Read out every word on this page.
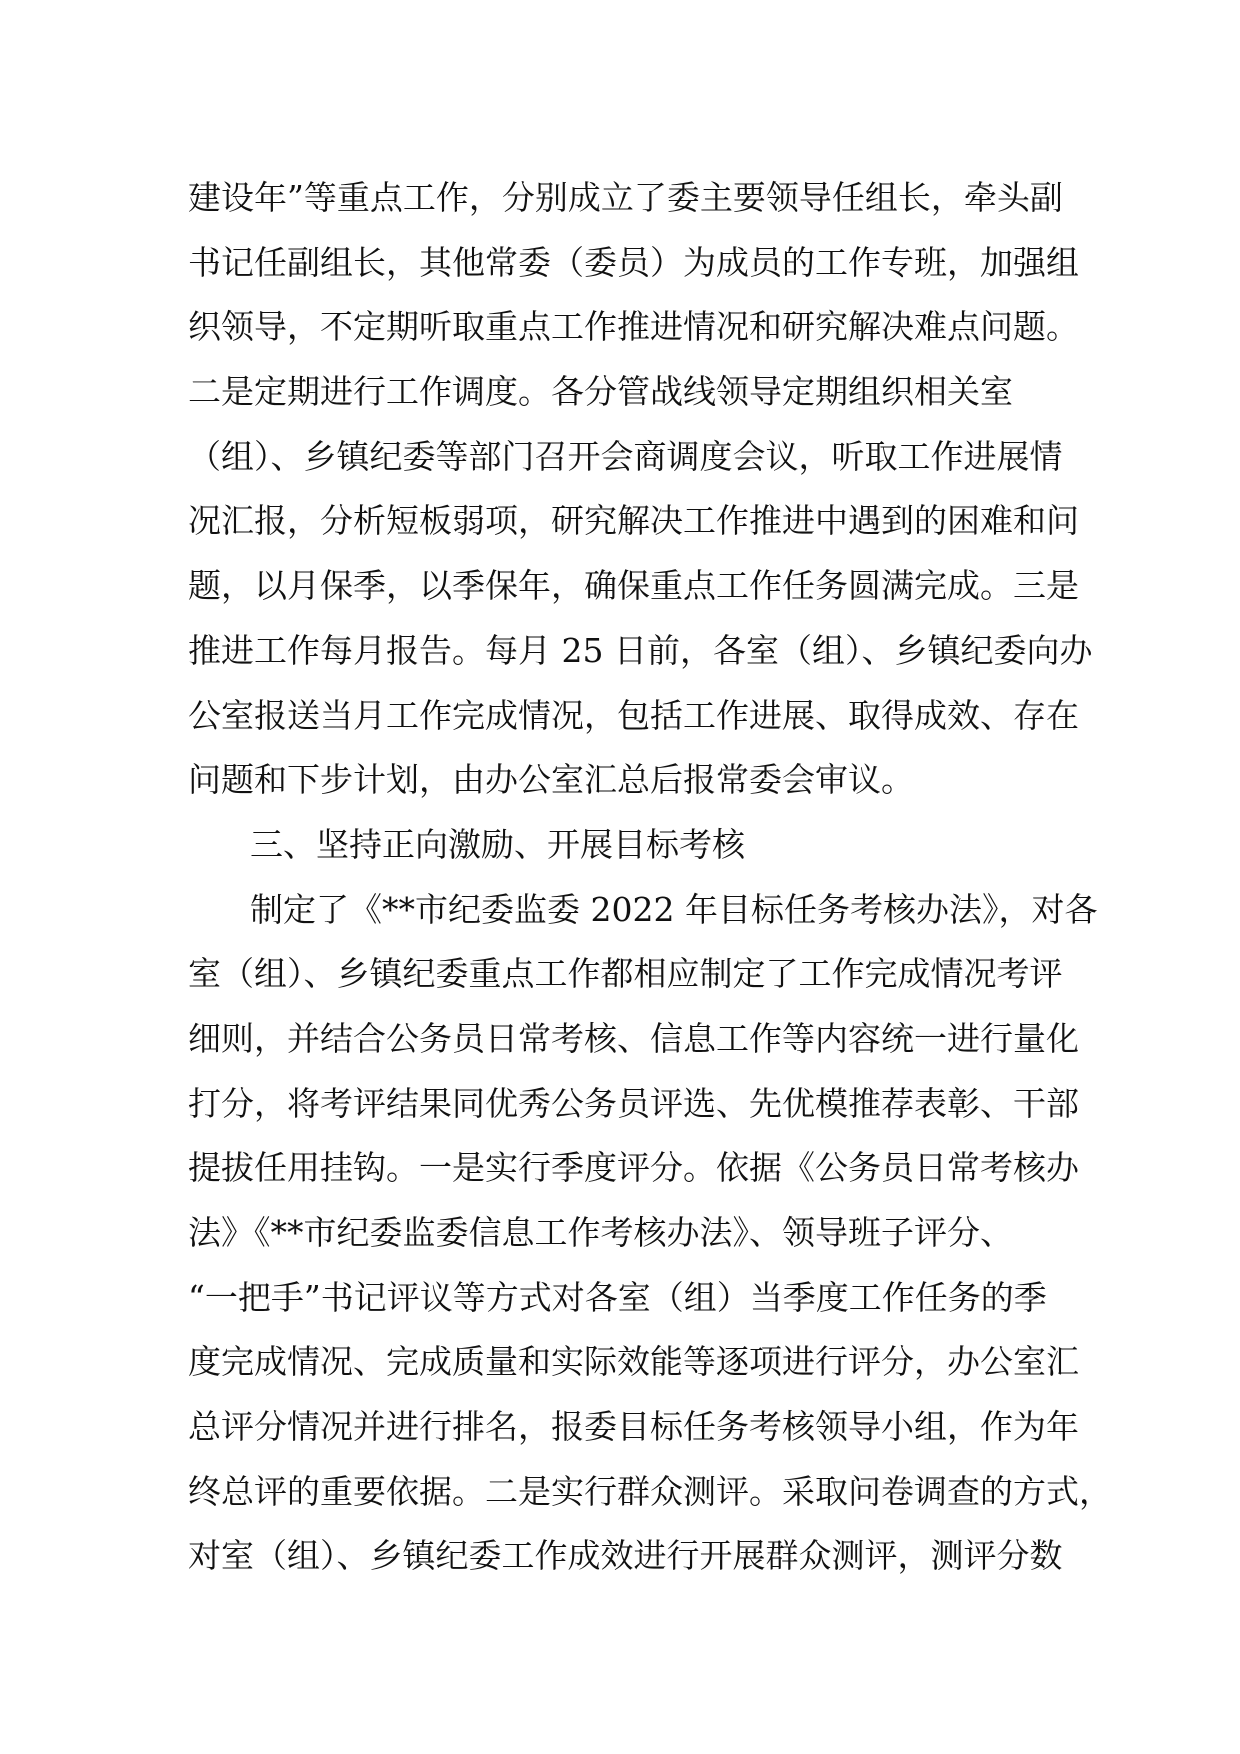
建设年”等重点工作，分别成立了委主要领导任组长，牵头副
书记任副组长，其他常委（委员）为成员的工作专班，加强组
织领导，不定期听取重点工作推进情况和研究解决难点问题。
二是定期进行工作调度。各分管战线领导定期组织相关室
（组）、乡镇纪委等部门召开会商调度会议，听取工作进展情
况汇报，分析短板弱项，研究解决工作推进中遇到的困难和问
题，以月保季，以季保年，确保重点工作任务圆满完成。三是
推进工作每月报告。每月 25 日前，各室（组）、乡镇纪委向办
公室报送当月工作完成情况，包括工作进展、取得成效、存在
问题和下步计划，由办公室汇总后报常委会审议。
三、坚持正向激励、开展目标考核
制定了《**市纪委监委 2022 年目标任务考核办法》，对各
室（组）、乡镇纪委重点工作都相应制定了工作完成情况考评
细则，并结合公务员日常考核、信息工作等内容统一进行量化
打分，将考评结果同优秀公务员评选、先优模推荐表彰、干部
提拔任用挂钩。一是实行季度评分。依据《公务员日常考核办
法》《**市纪委监委信息工作考核办法》、领导班子评分、
“一把手”书记评议等方式对各室（组）当季度工作任务的季
度完成情况、完成质量和实际效能等逐项进行评分，办公室汇
总评分情况并进行排名，报委目标任务考核领导小组，作为年
终总评的重要依据。二是实行群众测评。采取问卷调查的方式，
对室（组）、乡镇纪委工作成效进行开展群众测评，测评分数
